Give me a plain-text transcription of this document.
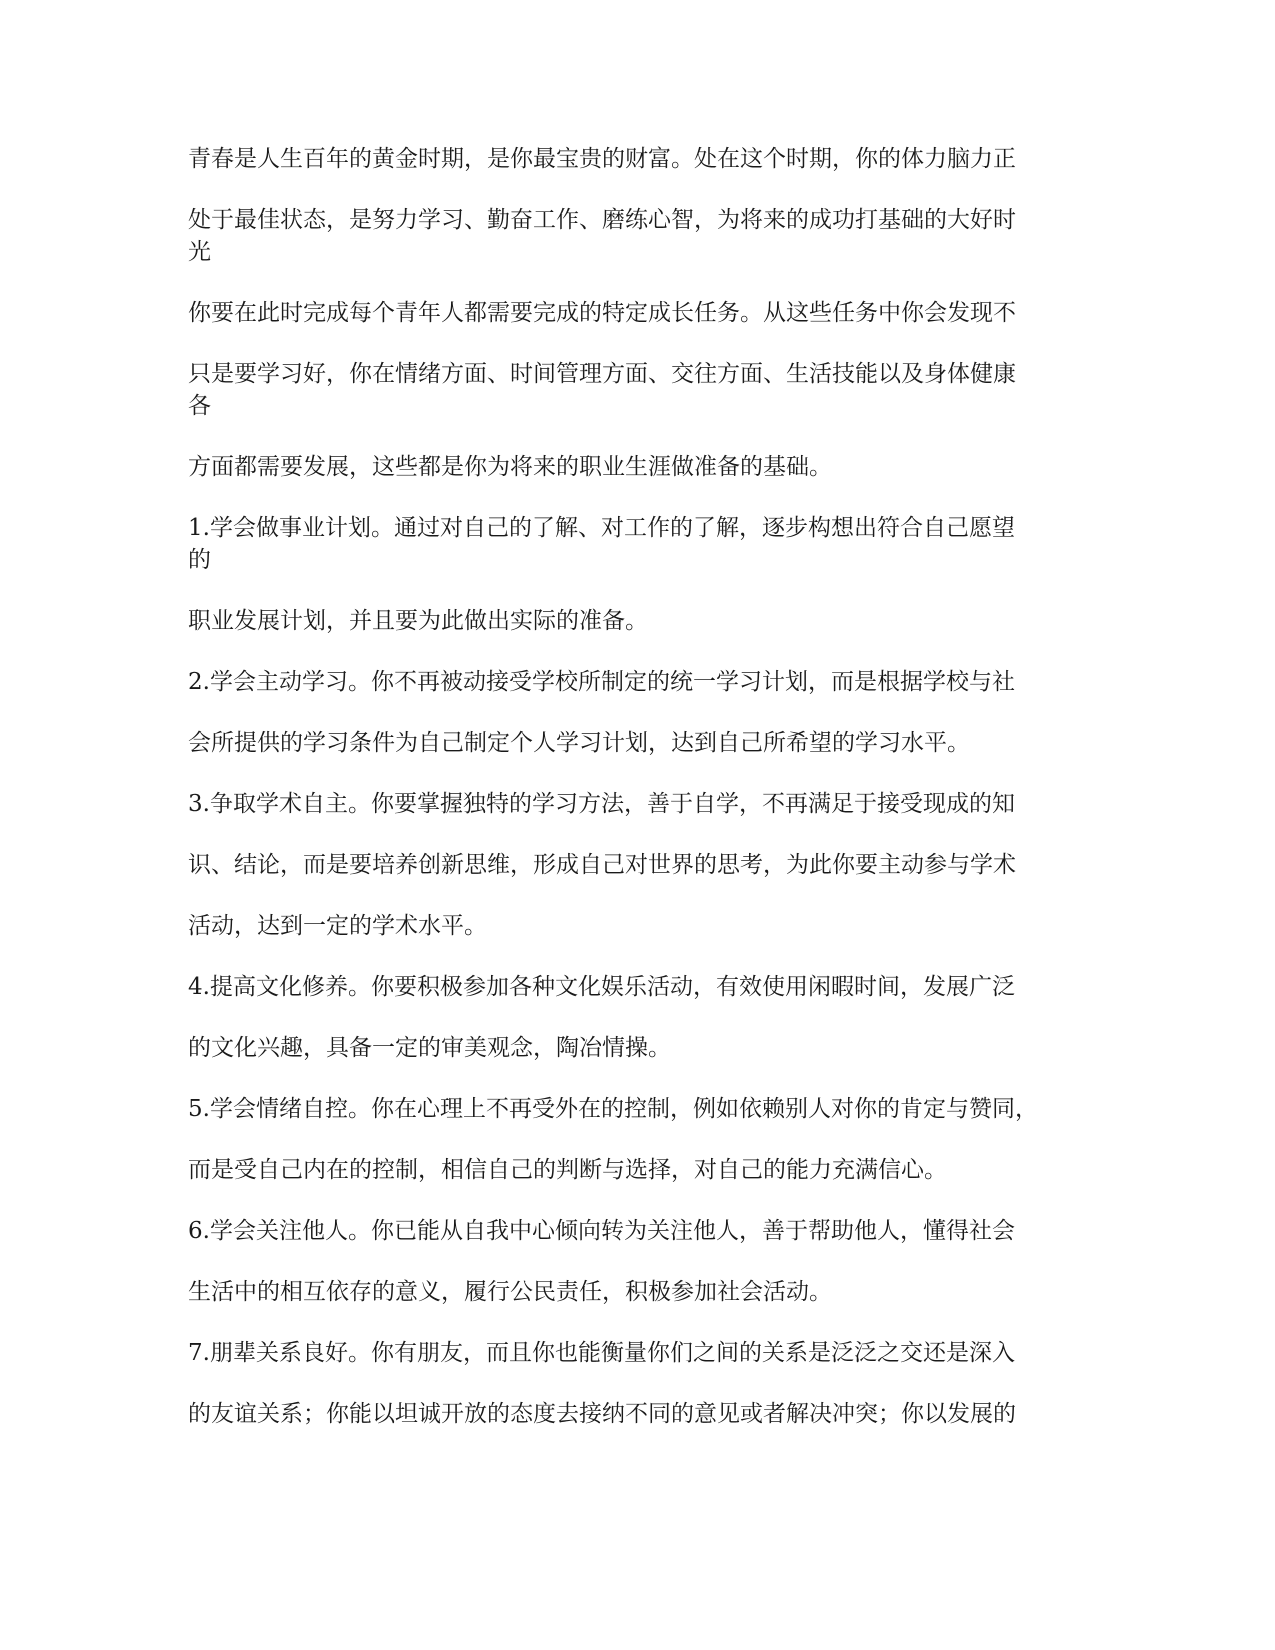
青春是人生百年的黄金时期，是你最宝贵的财富。处在这个时期，你的体力脑力正
处于最佳状态，是努力学习、勤奋工作、磨练心智，为将来的成功打基础的大好时
光
你要在此时完成每个青年人都需要完成的特定成长任务。从这些任务中你会发现不
只是要学习好，你在情绪方面、时间管理方面、交往方面、生活技能以及身体健康
各
方面都需要发展，这些都是你为将来的职业生涯做准备的基础。
1.学会做事业计划。通过对自己的了解、对工作的了解，逐步构想出符合自己愿望
的
职业发展计划，并且要为此做出实际的准备。
2.学会主动学习。你不再被动接受学校所制定的统一学习计划，而是根据学校与社
会所提供的学习条件为自己制定个人学习计划，达到自己所希望的学习水平。
3.争取学术自主。你要掌握独特的学习方法，善于自学，不再满足于接受现成的知
识、结论，而是要培养创新思维，形成自己对世界的思考，为此你要主动参与学术
活动，达到一定的学术水平。
4.提高文化修养。你要积极参加各种文化娱乐活动，有效使用闲暇时间，发展广泛
的文化兴趣，具备一定的审美观念，陶冶情操。
5.学会情绪自控。你在心理上不再受外在的控制，例如依赖别人对你的肯定与赞同，
而是受自己内在的控制，相信自己的判断与选择，对自己的能力充满信心。
6.学会关注他人。你已能从自我中心倾向转为关注他人，善于帮助他人，懂得社会
生活中的相互依存的意义，履行公民责任，积极参加社会活动。
7.朋辈关系良好。你有朋友，而且你也能衡量你们之间的关系是泛泛之交还是深入
的友谊关系；你能以坦诚开放的态度去接纳不同的意见或者解决冲突；你以发展的
